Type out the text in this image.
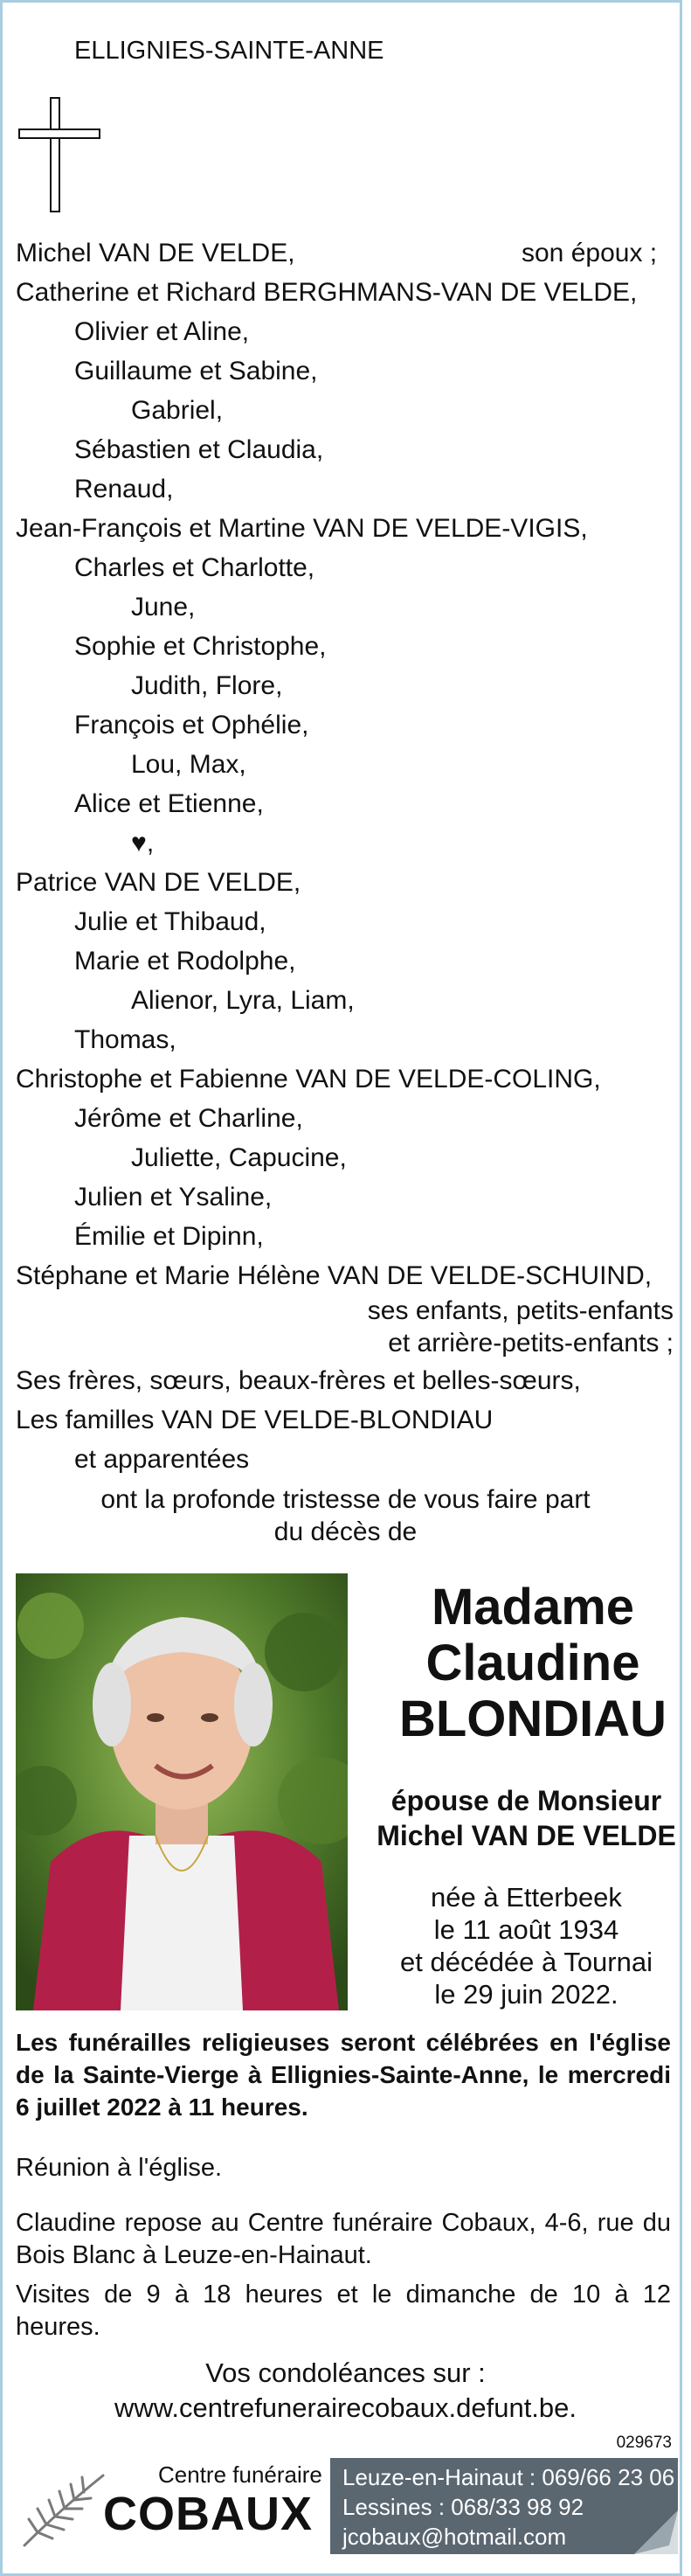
ELLIGNIES-SAINTE-ANNE
Michel VAN DE VELDE,	son époux ;
Catherine et Richard BERGHMANS-VAN DE VELDE,
Olivier et Aline,
Guillaume et Sabine,
Gabriel,
Sébastien et Claudia,
Renaud,
Jean-François et Martine VAN DE VELDE-VIGIS,
Charles et Charlotte,
June,
Sophie et Christophe,
Judith, Flore,
François et Ophélie,
Lou, Max,
Alice et Etienne,
♥,
Patrice VAN DE VELDE,
Julie et Thibaud,
Marie et Rodolphe,
Alienor, Lyra, Liam,
Thomas,
Christophe et Fabienne VAN DE VELDE-COLING,
Jérôme et Charline,
Juliette, Capucine,
Julien et Ysaline,
Émilie et Dipinn,
Stéphane et Marie Hélène VAN DE VELDE-SCHUIND,
ses enfants, petits-enfants
et arrière-petits-enfants ;
Ses frères, sœurs, beaux-frères et belles-sœurs,
Les familles VAN DE VELDE-BLONDIAU
et apparentées
ont la profonde tristesse de vous faire part
du décès de
Madame
Claudine
BLONDIAU
épouse de Monsieur
Michel VAN DE VELDE
née à Etterbeek
le 11 août 1934
et décédée à Tournai
le 29 juin 2022.
Les funérailles religieuses seront célébrées en l'église de la Sainte-Vierge à Ellignies-Sainte-Anne, le mercredi 6 juillet 2022 à 11 heures.
Réunion à l'église.
Claudine repose au Centre funéraire Cobaux, 4-6, rue du Bois Blanc à Leuze-en-Hainaut.
Visites de 9 à 18 heures et le dimanche de 10 à 12 heures.
Vos condoléances sur :
www.centrefunerairecobaux.defunt.be.
029673
Centre funéraire
COBAUX
Leuze-en-Hainaut : 069/66 23 06
Lessines : 068/33 98 92
jcobaux@hotmail.com
